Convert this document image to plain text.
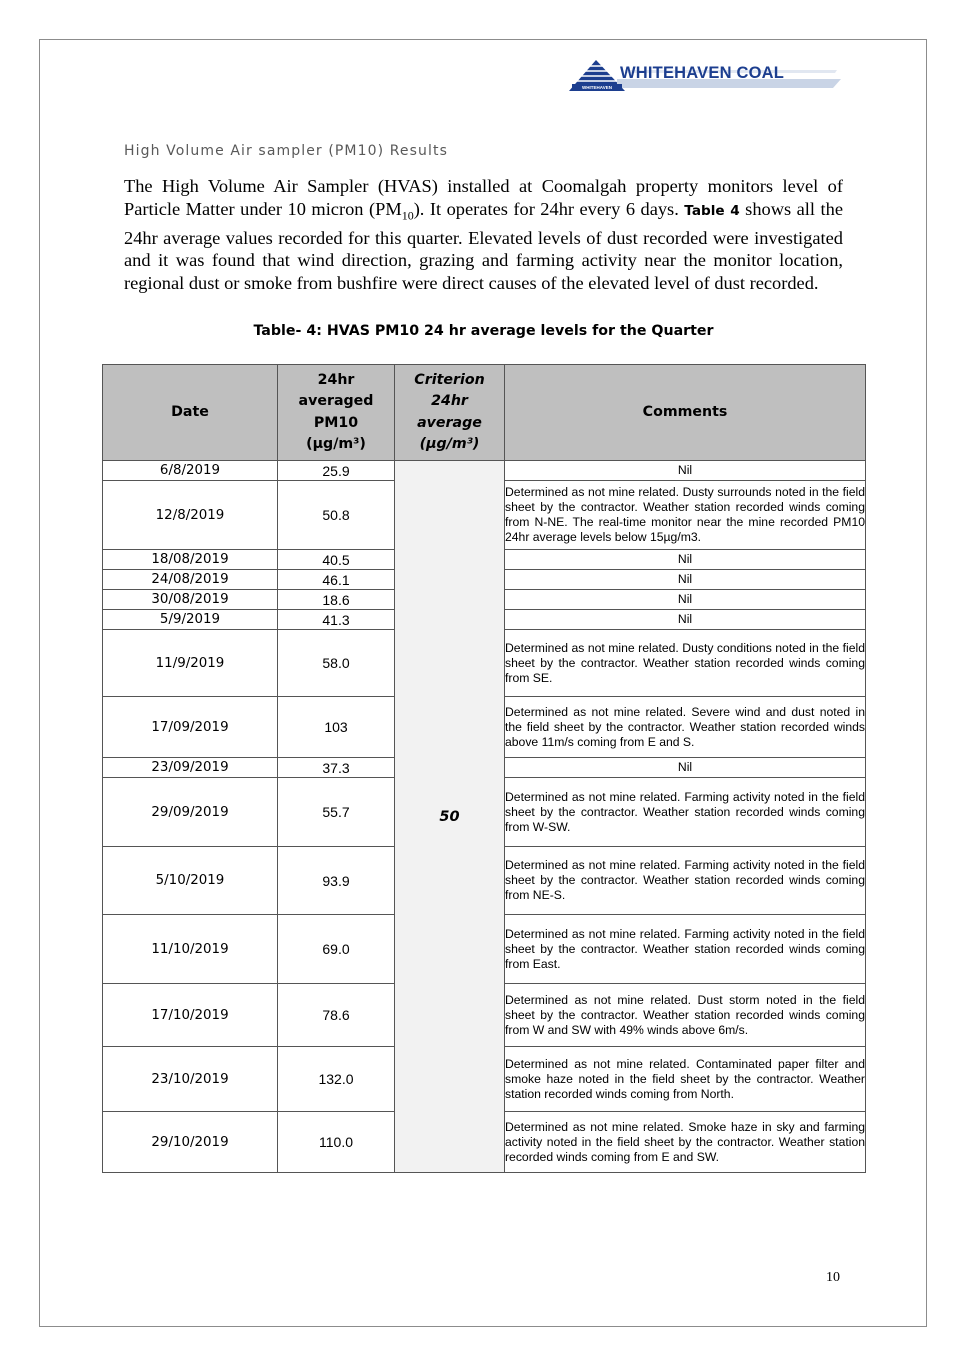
WHITEHAVEN
WHITEHAVEN COAL
High Volume Air sampler (PM10) Results
The High Volume Air Sampler (HVAS) installed at Coomalgah property monitors level of Particle Matter under 10 micron $(PM_{10})$. It operates for 24hr every 6 days. Table 4 shows all the 24hr average values recorded for this quarter. Elevated levels of dust recorded were investigated and it was found that wind direction, grazing and farming activity near the monitor location, regional dust or smoke from bushfire were direct causes of the elevated level of dust recorded.
Table- 4: HVAS PM10 24 hr average levels for the Quarter
Date	24hr averaged PM10 (µg/m³)	Criterion 24hr average (µg/m³)	Comments
6/8/2019	25.9	50	Nil
12/8/2019	50.8		Determined as not mine related. Dusty surrounds noted in the field sheet by the contractor. Weather station recorded winds coming from N-NE. The real-time monitor near the mine recorded PM10 24hr average levels below 15µg/m3.
18/08/2019	40.5		Nil
24/08/2019	46.1		Nil
30/08/2019	18.6		Nil
5/9/2019	41.3		Nil
11/9/2019	58.0		Determined as not mine related. Dusty conditions noted in the field sheet by the contractor. Weather station recorded winds coming from SE.
17/09/2019	103		Determined as not mine related. Severe wind and dust noted in the field sheet by the contractor. Weather station recorded winds above 11m/s coming from E and S.
23/09/2019	37.3		Nil
29/09/2019	55.7		Determined as not mine related. Farming activity noted in the field sheet by the contractor. Weather station recorded winds coming from W-SW.
5/10/2019	93.9		Determined as not mine related. Farming activity noted in the field sheet by the contractor. Weather station recorded winds coming from NE-S.
11/10/2019	69.0		Determined as not mine related. Farming activity noted in the field sheet by the contractor. Weather station recorded winds coming from East.
17/10/2019	78.6		Determined as not mine related. Dust storm noted in the field sheet by the contractor. Weather station recorded winds coming from W and SW with 49% winds above 6m/s.
23/10/2019	132.0		Determined as not mine related. Contaminated paper filter and smoke haze noted in the field sheet by the contractor. Weather station recorded winds coming from North.
29/10/2019	110.0		Determined as not mine related. Smoke haze in sky and farming activity noted in the field sheet by the contractor. Weather station recorded winds coming from E and SW.
10
